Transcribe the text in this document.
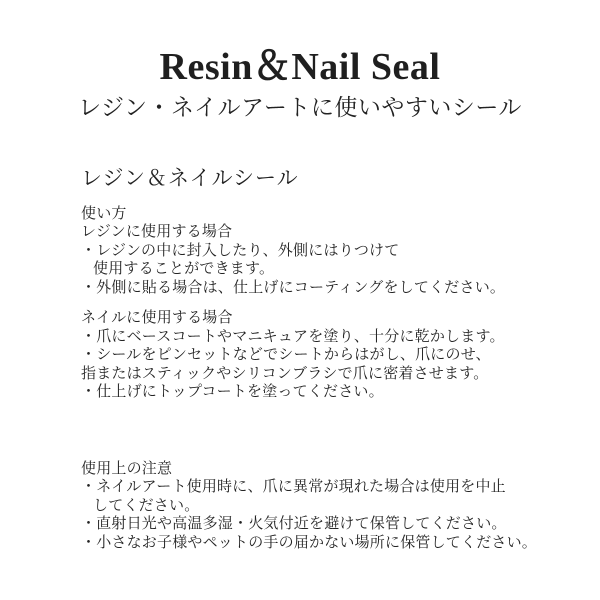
Resin＆Nail Seal

レジン・ネイルアートに使いやすいシール

レジン＆ネイルシール

使い方

レジンに使用する場合

・レジンの中に封入したり、外側にはりつけて

使用することができます。

・外側に貼る場合は、仕上げにコーティングをしてください。

ネイルに使用する場合

・爪にベースコートやマニキュアを塗り、十分に乾かします。

・シールをピンセットなどでシートからはがし、爪にのせ、

指またはスティックやシリコンブラシで爪に密着させます。

・仕上げにトップコートを塗ってください。

使用上の注意

・ネイルアート使用時に、爪に異常が現れた場合は使用を中止

してください。

・直射日光や高温多湿・火気付近を避けて保管してください。

・小さなお子様やペットの手の届かない場所に保管してください。
